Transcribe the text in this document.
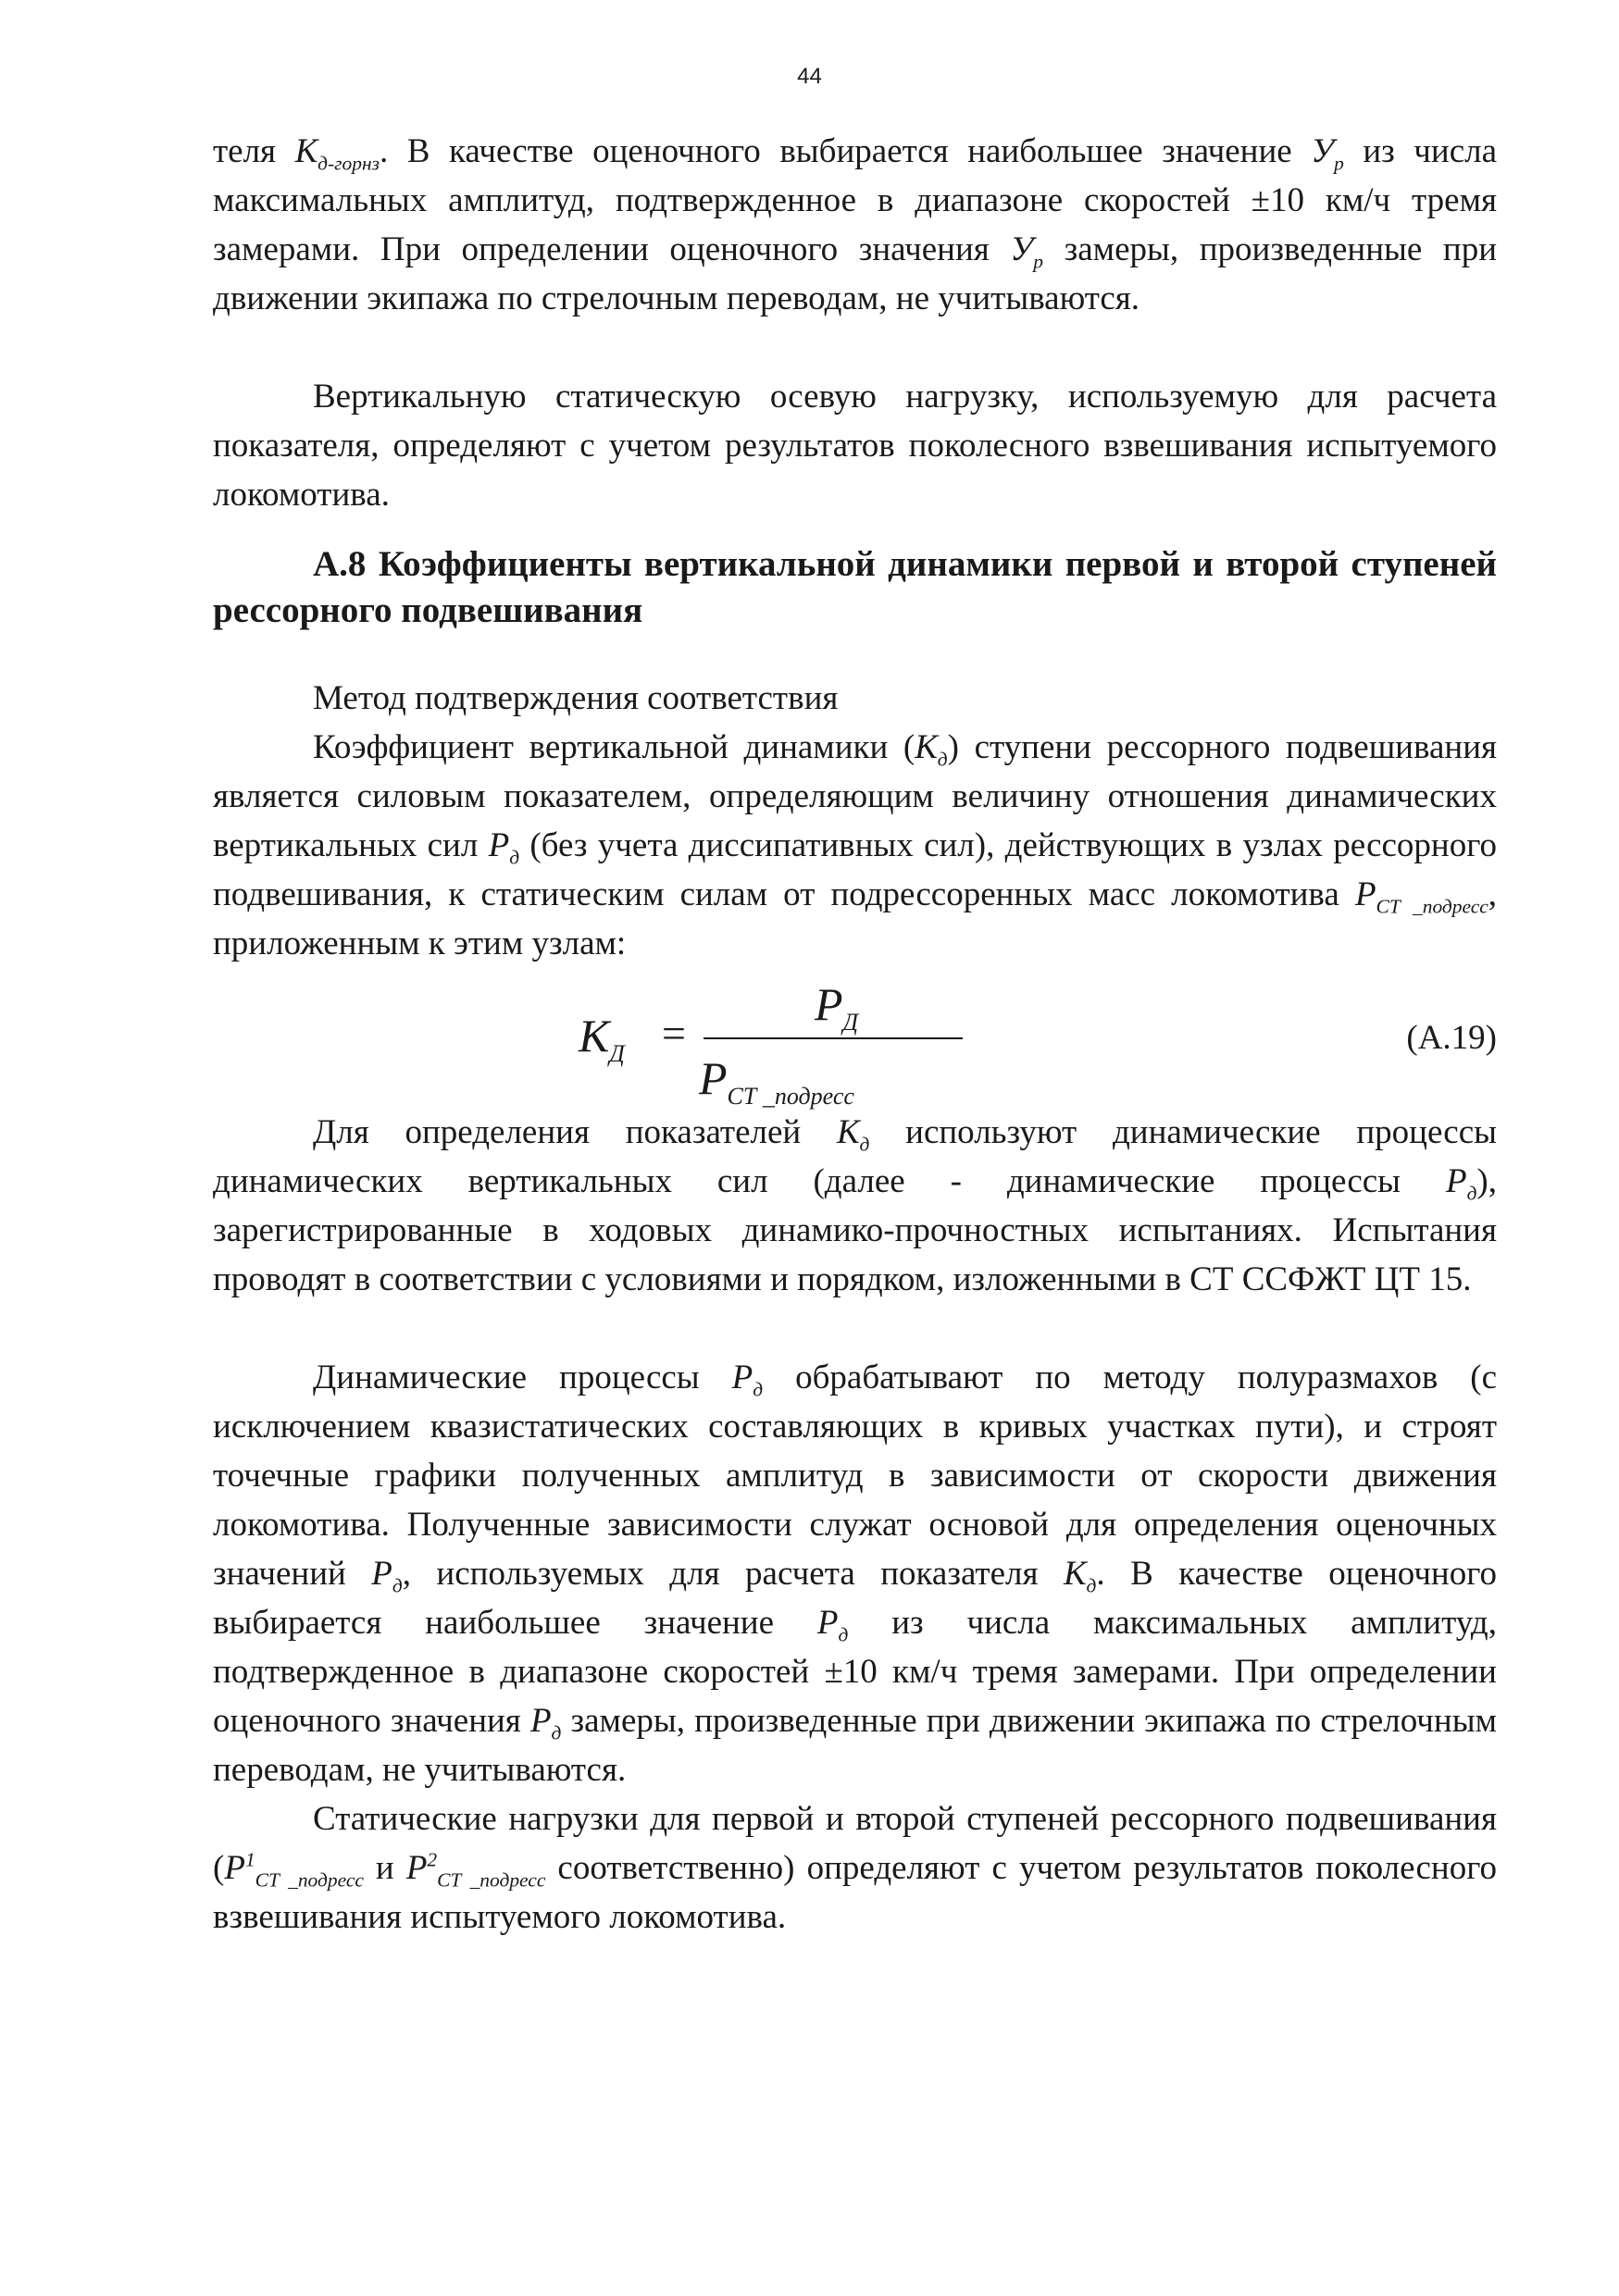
44

теля $К_{д-горнз}$. В качестве оценочного выбирается наибольшее значение $У_р$ из числа максимальных амплитуд, подтвержденное в диапазоне скоростей ±10 км/ч тремя замерами. При определении оценочного значения $У_р$ замеры, произведенные при движении экипажа по стрелочным переводам, не учитываются.

Вертикальную статическую осевую нагрузку, используемую для расчета показателя, определяют с учетом результатов поколесного взвешивания испытуемого локомотива.

А.8 Коэффициенты вертикальной динамики первой и второй ступеней рессорного подвешивания

Метод подтверждения соответствия

Коэффициент вертикальной динамики $(К_д)$ ступени рессорного подвешивания является силовым показателем, определяющим величину отношения динамических вертикальных сил $Р_д$ (без учета диссипативных сил), действующих в узлах рессорного подвешивания, к статическим силам от подрессоренных масс локомотива $Р_{СТ \_подресс}$, приложенным к этим узлам:

$К_Д$ =
$Р_Д$
$Р_{СТ \_подресс}$
(А.19)

Для определения показателей $К_д$ используют динамические процессы динамических вертикальных сил (далее - динамические процессы $Р_д$), зарегистрированные в ходовых динамико-прочностных испытаниях. Испытания проводят в соответствии с условиями и порядком, изложенными в СТ ССФЖТ ЦТ 15.

Динамические процессы $Р_д$ обрабатывают по методу полуразмахов (с исключением квазистатических составляющих в кривых участках пути), и строят точечные графики полученных амплитуд в зависимости от скорости движения локомотива. Полученные зависимости служат основой для определения оценочных значений $Р_д$, используемых для расчета показателя $К_д$. В качестве оценочного выбирается наибольшее значение $Р_д$ из числа максимальных амплитуд, подтвержденное в диапазоне скоростей ±10 км/ч тремя замерами. При определении оценочного значения $Р_д$ замеры, произведенные при движении экипажа по стрелочным переводам, не учитываются.

Статические нагрузки для первой и второй ступеней рессорного подвешивания ($Р^1_{СТ \_подресс}$ и $Р^2_{СТ \_подресс}$ соответственно) определяют с учетом результатов поколесного взвешивания испытуемого локомотива.
